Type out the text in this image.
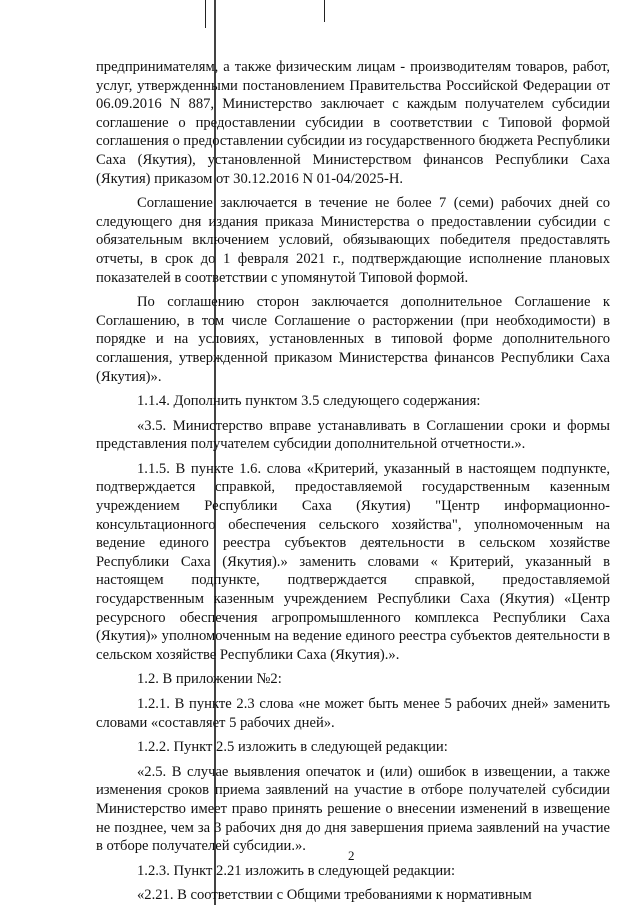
предпринимателям, а также физическим лицам - производителям товаров, работ, услуг, утвержденными постановлением Правительства Российской Федерации от 06.09.2016 N 887, Министерство заключает с каждым получателем субсидии соглашение о предоставлении субсидии в соответствии с Типовой формой соглашения о предоставлении субсидии из государственного бюджета Республики Саха (Якутия), установленной Министерством финансов Республики Саха (Якутия) приказом от 30.12.2016 N 01-04/2025-Н.

Соглашение заключается в течение не более 7 (семи) рабочих дней со следующего дня издания приказа Министерства о предоставлении субсидии с обязательным включением условий, обязывающих победителя предоставлять отчеты, в срок до 1 февраля 2021 г., подтверждающие исполнение плановых показателей в соответствии с упомянутой Типовой формой.

По соглашению сторон заключается дополнительное Соглашение к Соглашению, в том числе Соглашение о расторжении (при необходимости) в порядке и на условиях, установленных в типовой форме дополнительного соглашения, утвержденной приказом Министерства финансов Республики Саха (Якутия)».

1.1.4. Дополнить пунктом 3.5 следующего содержания:

«3.5. Министерство вправе устанавливать в Соглашении сроки и формы представления получателем субсидии дополнительной отчетности.».

1.1.5. В пункте 1.6. слова «Критерий, указанный в настоящем подпункте, подтверждается справкой, предоставляемой государственным казенным учреждением Республики Саха (Якутия) "Центр информационно-консультационного обеспечения сельского хозяйства", уполномоченным на ведение единого реестра субъектов деятельности в сельском хозяйстве Республики Саха (Якутия).» заменить словами « Критерий, указанный в настоящем подпункте, подтверждается справкой, предоставляемой государственным казенным учреждением Республики Саха (Якутия) «Центр ресурсного обеспечения агропромышленного комплекса Республики Саха (Якутия)» уполномоченным на ведение единого реестра субъектов деятельности в сельском хозяйстве Республики Саха (Якутия).».

1.2. В приложении №2:

1.2.1. В пункте 2.3 слова «не может быть менее 5 рабочих дней» заменить словами «составляет 5 рабочих дней».

1.2.2. Пункт 2.5 изложить в следующей редакции:

«2.5. В случае выявления опечаток и (или) ошибок в извещении, а также изменения сроков приема заявлений на участие в отборе получателей субсидии Министерство имеет право принять решение о внесении изменений в извещение не позднее, чем за 3 рабочих дня до дня завершения приема заявлений на участие в отборе получателей субсидии.».

1.2.3. Пункт 2.21 изложить в следующей редакции:

«2.21. В соответствии с Общими требованиями к нормативным

2
